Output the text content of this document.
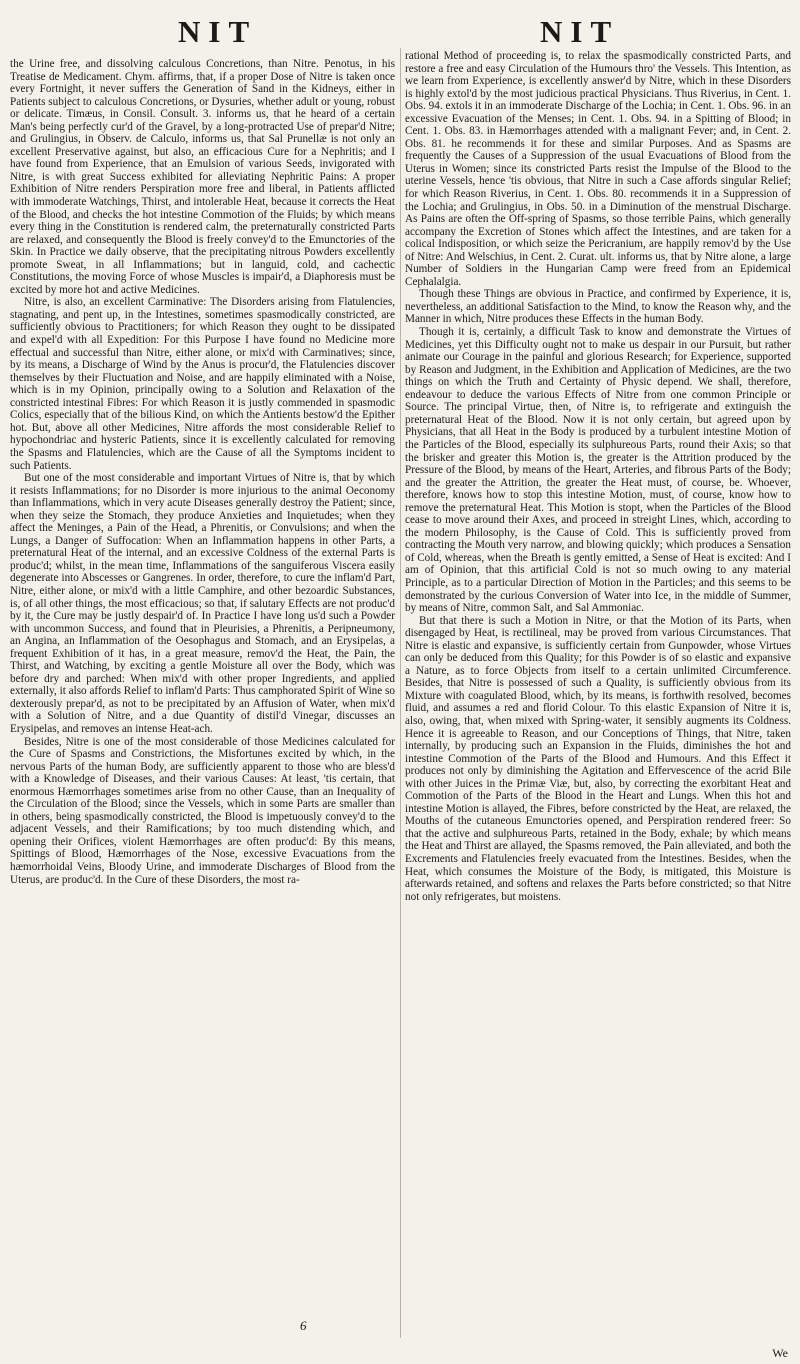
NIT	NIT

the Urine free, and dissolving calculous Concretions, than Nitre. Penotus, in his Treatise de Medicament. Chym. affirms, that, if a proper Dose of Nitre is taken once every Fortnight, it never suffers the Generation of Sand in the Kidneys, either in Patients subject to calculous Concretions, or Dysuries, whether adult or young, robust or delicate. Timæus, in Consil. Consult. 3. informs us, that he heard of a certain Man's being perfectly cur'd of the Gravel, by a long-protracted Use of prepar'd Nitre; and Grulingius, in Observ. de Calculo, informs us, that Sal Prunellæ is not only an excellent Preservative against, but also, an efficacious Cure for a Nephritis; and I have found from Experience, that an Emulsion of various Seeds, invigorated with Nitre, is with great Success exhibited for alleviating Nephritic Pains: A proper Exhibition of Nitre renders Perspiration more free and liberal, in Patients afflicted with immoderate Watchings, Thirst, and intolerable Heat, because it corrects the Heat of the Blood, and checks the hot intestine Commotion of the Fluids; by which means every thing in the Constitution is rendered calm, the preternaturally constricted Parts are relaxed, and consequently the Blood is freely convey'd to the Emunctories of the Skin. In Practice we daily observe, that the precipitating nitrous Powders excellently promote Sweat, in all Inflammations; but in languid, cold, and cachectic Constitutions, the moving Force of whose Muscles is impair'd, a Diaphoresis must be excited by more hot and active Medicines.

Nitre, is also, an excellent Carminative: The Disorders arising from Flatulencies, stagnating, and pent up, in the Intestines, sometimes spasmodically constricted, are sufficiently obvious to Practitioners; for which Reason they ought to be dissipated and expel'd with all Expedition: For this Purpose I have found no Medicine more effectual and successful than Nitre, either alone, or mix'd with Carminatives; since, by its means, a Discharge of Wind by the Anus is procur'd, the Flatulencies discover themselves by their Fluctuation and Noise, and are happily eliminated with a Noise, which is in my Opinion, principally owing to a Solution and Relaxation of the constricted intestinal Fibres: For which Reason it is justly commended in spasmodic Colics, especially that of the bilious Kind, on which the Antients bestow'd the Epither hot. But, above all other Medicines, Nitre affords the most considerable Relief to hypochondriac and hysteric Patients, since it is excellently calculated for removing the Spasms and Flatulencies, which are the Cause of all the Symptoms incident to such Patients.

But one of the most considerable and important Virtues of Nitre is, that by which it resists Inflammations; for no Disorder is more injurious to the animal Oeconomy than Inflammations, which in very acute Diseases generally destroy the Patient; since, when they seize the Stomach, they produce Anxieties and Inquietudes; when they affect the Meninges, a Pain of the Head, a Phrenitis, or Convulsions; and when the Lungs, a Danger of Suffocation: When an Inflammation happens in other Parts, a preternatural Heat of the internal, and an excessive Coldness of the external Parts is produc'd; whilst, in the mean time, Inflammations of the sanguiferous Viscera easily degenerate into Abscesses or Gangrenes. In order, therefore, to cure the inflam'd Part, Nitre, either alone, or mix'd with a little Camphire, and other bezoardic Substances, is, of all other things, the most efficacious; so that, if salutary Effects are not produc'd by it, the Cure may be justly despair'd of. In Practice I have long us'd such a Powder with uncommon Success, and found that in Pleurisies, a Phrenitis, a Peripneumony, an Angina, an Inflammation of the Oesophagus and Stomach, and an Erysipelas, a frequent Exhibition of it has, in a great measure, remov'd the Heat, the Pain, the Thirst, and Watching, by exciting a gentle Moisture all over the Body, which was before dry and parched: When mix'd with other proper Ingredients, and applied externally, it also affords Relief to inflam'd Parts: Thus camphorated Spirit of Wine so dexterously prepar'd, as not to be precipitated by an Affusion of Water, when mix'd with a Solution of Nitre, and a due Quantity of distil'd Vinegar, discusses an Erysipelas, and removes an intense Heat-ach.

Besides, Nitre is one of the most considerable of those Medicines calculated for the Cure of Spasms and Constrictions, the Misfortunes excited by which, in the nervous Parts of the human Body, are sufficiently apparent to those who are bless'd with a Knowledge of Diseases, and their various Causes: At least, 'tis certain, that enormous Hæmorrhages sometimes arise from no other Cause, than an Inequality of the Circulation of the Blood; since the Vessels, which in some Parts are smaller than in others, being spasmodically constricted, the Blood is impetuously convey'd to the adjacent Vessels, and their Ramifications; by too much distending which, and opening their Orifices, violent Hæmorrhages are often produc'd: By this means, Spittings of Blood, Hæmorrhages of the Nose, excessive Evacuations from the hæmorrhoidal Veins, Bloody Urine, and immoderate Discharges of Blood from the Uterus, are produc'd. In the Cure of these Disorders, the most ra-

rational Method of proceeding is, to relax the spasmodically constricted Parts, and restore a free and easy Circulation of the Humours thro' the Vessels. This Intention, as we learn from Experience, is excellently answer'd by Nitre, which in these Disorders is highly extol'd by the most judicious practical Physicians. Thus Riverius, in Cent. 1. Obs. 94. extols it in an immoderate Discharge of the Lochia; in Cent. 1. Obs. 96. in an excessive Evacuation of the Menses; in Cent. 1. Obs. 94. in a Spitting of Blood; in Cent. 1. Obs. 83. in Hæmorrhages attended with a malignant Fever; and, in Cent. 2. Obs. 81. he recommends it for these and similar Purposes. And as Spasms are frequently the Causes of a Suppression of the usual Evacuations of Blood from the Uterus in Women; since its constricted Parts resist the Impulse of the Blood to the uterine Vessels, hence 'tis obvious, that Nitre in such a Case affords singular Relief; for which Reason Riverius, in Cent. 1. Obs. 80. recommends it in a Suppression of the Lochia; and Grulingius, in Obs. 50. in a Diminution of the menstrual Discharge. As Pains are often the Off-spring of Spasms, so those terrible Pains, which generally accompany the Excretion of Stones which affect the Intestines, and are taken for a colical Indisposition, or which seize the Pericranium, are happily remov'd by the Use of Nitre: And Welschius, in Cent. 2. Curat. ult. informs us, that by Nitre alone, a large Number of Soldiers in the Hungarian Camp were freed from an Epidemical Cephalalgia.

Though these Things are obvious in Practice, and confirmed by Experience, it is, nevertheless, an additional Satisfaction to the Mind, to know the Reason why, and the Manner in which, Nitre produces these Effects in the human Body.

Though it is, certainly, a difficult Task to know and demonstrate the Virtues of Medicines, yet this Difficulty ought not to make us despair in our Pursuit, but rather animate our Courage in the painful and glorious Research; for Experience, supported by Reason and Judgment, in the Exhibition and Application of Medicines, are the two things on which the Truth and Certainty of Physic depend. We shall, therefore, endeavour to deduce the various Effects of Nitre from one common Principle or Source. The principal Virtue, then, of Nitre is, to refrigerate and extinguish the preternatural Heat of the Blood. Now it is not only certain, but agreed upon by Physicians, that all Heat in the Body is produced by a turbulent intestine Motion of the Particles of the Blood, especially its sulphureous Parts, round their Axis; so that the brisker and greater this Motion is, the greater is the Attrition produced by the Pressure of the Blood, by means of the Heart, Arteries, and fibrous Parts of the Body; and the greater the Attrition, the greater the Heat must, of course, be. Whoever, therefore, knows how to stop this intestine Motion, must, of course, know how to remove the preternatural Heat. This Motion is stopt, when the Particles of the Blood cease to move around their Axes, and proceed in streight Lines, which, according to the modern Philosophy, is the Cause of Cold. This is sufficiently proved from contracting the Mouth very narrow, and blowing quickly; which produces a Sensation of Cold, whereas, when the Breath is gently emitted, a Sense of Heat is excited: And I am of Opinion, that this artificial Cold is not so much owing to any material Principle, as to a particular Direction of Motion in the Particles; and this seems to be demonstrated by the curious Conversion of Water into Ice, in the middle of Summer, by means of Nitre, common Salt, and Sal Ammoniac.

But that there is such a Motion in Nitre, or that the Motion of its Parts, when disengaged by Heat, is rectilineal, may be proved from various Circumstances. That Nitre is elastic and expansive, is sufficiently certain from Gunpowder, whose Virtues can only be deduced from this Quality; for this Powder is of so elastic and expansive a Nature, as to force Objects from itself to a certain unlimited Circumference. Besides, that Nitre is possessed of such a Quality, is sufficiently obvious from its Mixture with coagulated Blood, which, by its means, is forthwith resolved, becomes fluid, and assumes a red and florid Colour. To this elastic Expansion of Nitre it is, also, owing, that, when mixed with Spring-water, it sensibly augments its Coldness. Hence it is agreeable to Reason, and our Conceptions of Things, that Nitre, taken internally, by producing such an Expansion in the Fluids, diminishes the hot and intestine Commotion of the Parts of the Blood and Humours. And this Effect it produces not only by diminishing the Agitation and Effervescence of the acrid Bile with other Juices in the Primæ Viæ, but, also, by correcting the exorbitant Heat and Commotion of the Parts of the Blood in the Heart and Lungs. When this hot and intestine Motion is allayed, the Fibres, before constricted by the Heat, are relaxed, the Mouths of the cutaneous Emunctories opened, and Perspiration rendered freer: So that the active and sulphureous Parts, retained in the Body, exhale; by which means the Heat and Thirst are allayed, the Spasms removed, the Pain alleviated, and both the Excrements and Flatulencies freely evacuated from the Intestines. Besides, when the Heat, which consumes the Moisture of the Body, is mitigated, this Moisture is afterwards retained, and softens and relaxes the Parts before constricted; so that Nitre not only refrigerates, but moistens.

6
We
